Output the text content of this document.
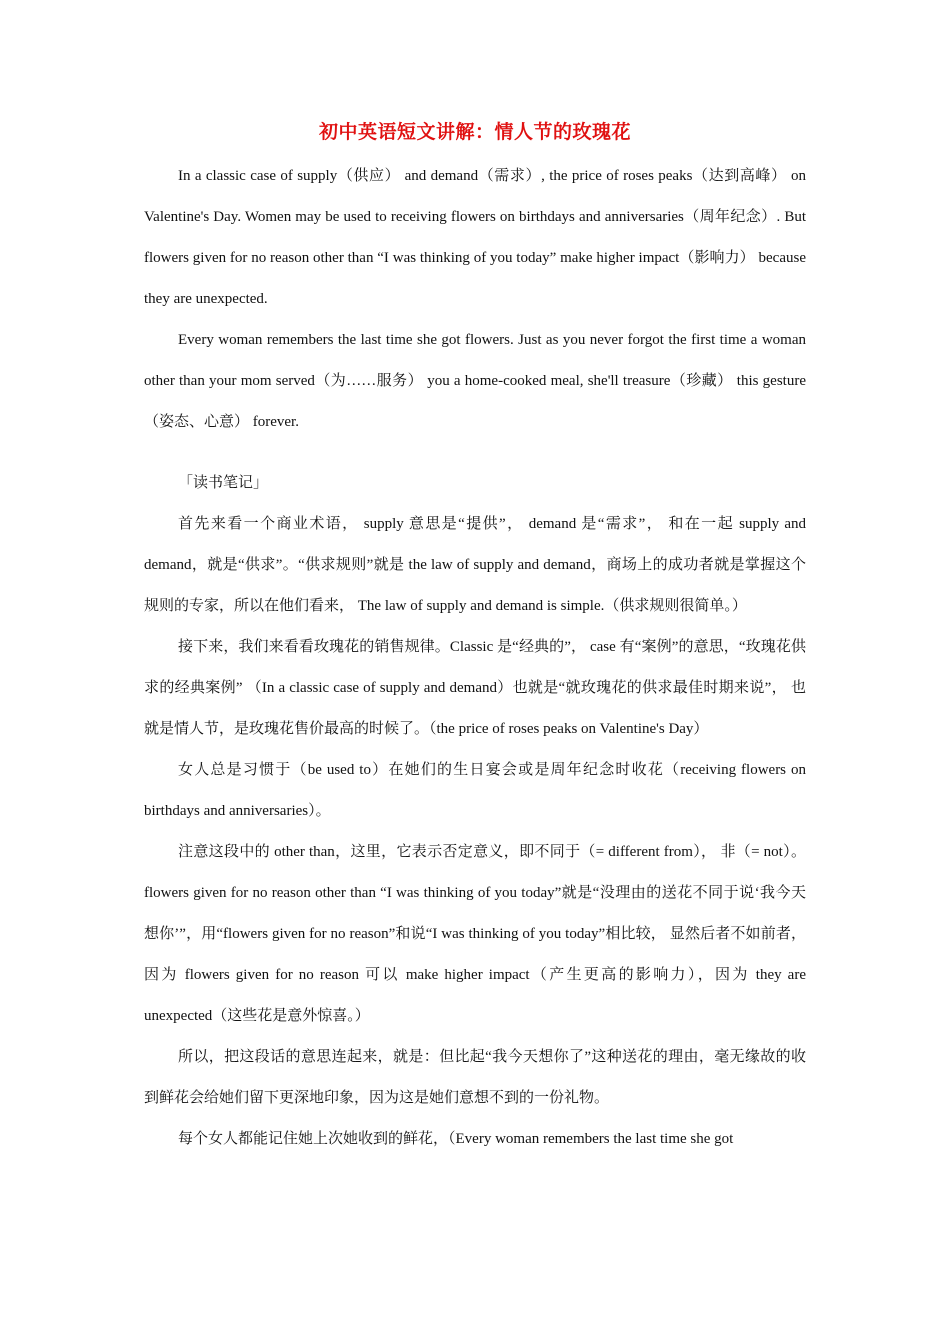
初中英语短文讲解：情人节的玫瑰花

In a classic case of supply（供应） and demand（需求）, the price of roses peaks（达到高峰） on Valentine's Day. Women may be used to receiving flowers on birthdays and anniversaries（周年纪念）. But flowers given for no reason other than “I was thinking of you today” make higher impact（影响力） because they are unexpected.

Every woman remembers the last time she got flowers. Just as you never forgot the first time a woman other than your mom served（为……服务） you a home-cooked meal, she'll treasure（珍藏） this gesture（姿态、心意） forever.

「读书笔记」

首先来看一个商业术语， supply 意思是“提供”， demand 是“需求”， 和在一起 supply and demand，就是“供求”。“供求规则”就是 the law of supply and demand，商场上的成功者就是掌握这个规则的专家，所以在他们看来， The law of supply and demand is simple.（供求规则很简单。）

接下来，我们来看看玫瑰花的销售规律。Classic 是“经典的”， case 有“案例”的意思，“玫瑰花供求的经典案例” （In a classic case of supply and demand）也就是“就玫瑰花的供求最佳时期来说”， 也就是情人节，是玫瑰花售价最高的时候了。（the price of roses peaks on Valentine's Day）

女人总是习惯于（be used to）在她们的生日宴会或是周年纪念时收花（receiving flowers on birthdays and anniversaries）。

注意这段中的 other than，这里，它表示否定意义，即不同于（= different from）， 非（= not）。flowers given for no reason other than “I was thinking of you today”就是“没理由的送花不同于说‘我今天想你’”，用“flowers given for no reason”和说“I was thinking of you today”相比较， 显然后者不如前者， 因为 flowers given for no reason 可以 make higher impact（产生更高的影响力），因为 they are unexpected（这些花是意外惊喜。）

所以，把这段话的意思连起来，就是：但比起“我今天想你了”这种送花的理由，毫无缘故的收到鲜花会给她们留下更深地印象，因为这是她们意想不到的一份礼物。

每个女人都能记住她上次她收到的鲜花，（Every woman remembers the last time she got
